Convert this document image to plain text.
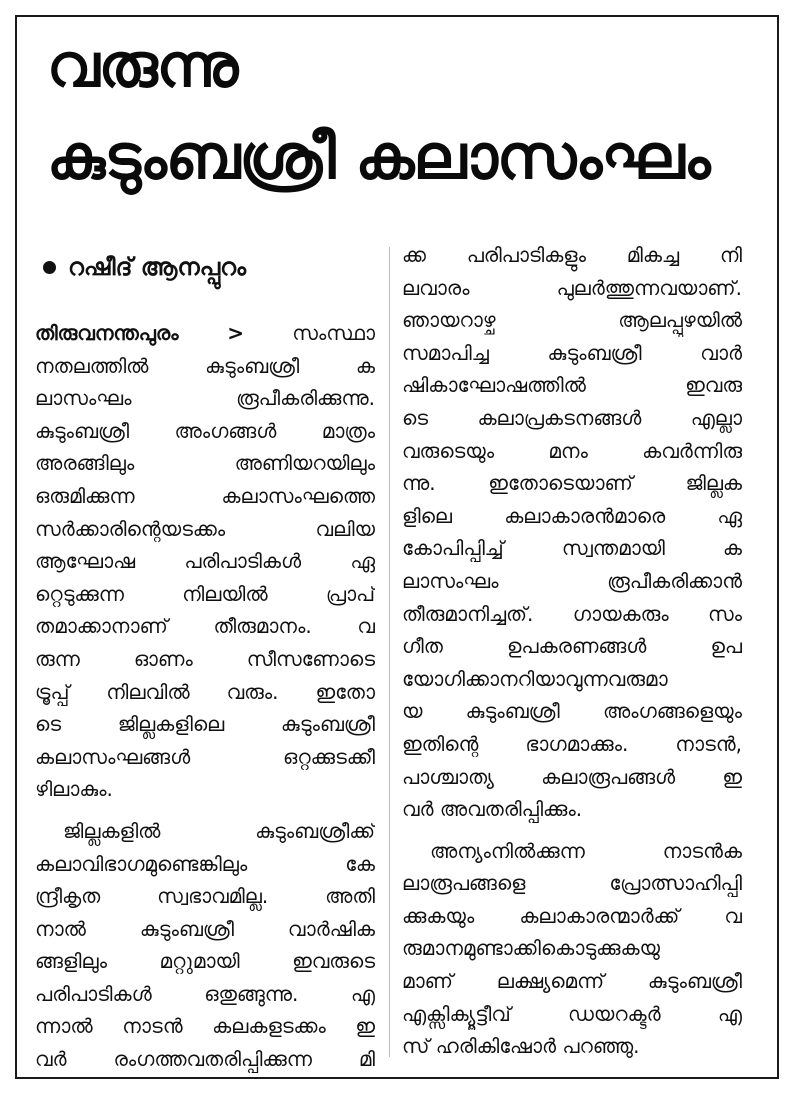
വരുന്നു
കുടുംബശ്രീ കലാസംഘം
റഷീദ് ആനപ്പുറം
തിരുവനന്തപുരം > സംസ്ഥാ
നതലത്തിൽ കുടുംബശ്രീ ക
ലാസംഘം രൂപീകരിക്കുന്നു.
കുടുംബശ്രീ അംഗങ്ങൾ മാത്രം
അരങ്ങിലും അണിയറയിലും
ഒരുമിക്കുന്ന കലാസംഘത്തെ
സർക്കാരിന്റെയടക്കം വലിയ
ആഘോഷ പരിപാടികൾ ഏ
റ്റെടുക്കുന്ന നിലയിൽ പ്രാപ്
തമാക്കാനാണ് തീരുമാനം. വ
രുന്ന ഓണം സീസണോടെ
ട്രൂപ്പ് നിലവിൽ വരും. ഇതോ
ടെ ജില്ലകളിലെ കുടുംബശ്രീ
കലാസംഘങ്ങൾ ഒറ്റക്കുടക്കീ
ഴിലാകും.
ജില്ലകളിൽ കുടുംബശ്രീക്ക്
കലാവിഭാഗമുണ്ടെങ്കിലും കേ
ന്ദ്രീകൃത സ്വഭാവമില്ല. അതി
നാൽ കുടുംബശ്രീ വാർഷിക
ങ്ങളിലും മറ്റുമായി ഇവരുടെ
പരിപാടികൾ ഒതുങ്ങുന്നു. എ
ന്നാൽ നാടൻ കലകളടക്കം ഇ
വർ രംഗത്തവതരിപ്പിക്കുന്ന മി
ക്ക പരിപാടികളും മികച്ച നി
ലവാരം പുലർത്തുന്നവയാണ്.
ഞായറാഴ്ച ആലപ്പുഴയിൽ
സമാപിച്ച കുടുംബശ്രീ വാർ
ഷികാഘോഷത്തിൽ ഇവരു
ടെ കലാപ്രകടനങ്ങൾ എല്ലാ
വരുടെയും മനം കവർന്നിരു
ന്നു. ഇതോടെയാണ് ജില്ലക
ളിലെ കലാകാരൻമാരെ ഏ
കോപിപ്പിച്ച് സ്വന്തമായി ക
ലാസംഘം രൂപീകരിക്കാൻ
തീരുമാനിച്ചത്. ഗായകരും സം
ഗീത ഉപകരണങ്ങൾ ഉപ
യോഗിക്കാനറിയാവുന്നവരുമാ
യ കുടുംബശ്രീ അംഗങ്ങളെയും
ഇതിന്റെ ഭാഗമാക്കും. നാടൻ,
പാശ്ചാത്യ കലാരൂപങ്ങൾ ഇ
വർ അവതരിപ്പിക്കും.
അന്യംനിൽക്കുന്ന നാടൻക
ലാരൂപങ്ങളെ പ്രോത്സാഹിപ്പി
ക്കുകയും കലാകാരന്മാർക്ക് വ
രുമാനമുണ്ടാക്കികൊടുക്കുകയു
മാണ് ലക്ഷ്യമെന്ന് കുടുംബശ്രീ
എക്സിക്യൂട്ടീവ് ഡയറക്ടർ എ
സ് ഹരികിഷോർ പറഞ്ഞു.
